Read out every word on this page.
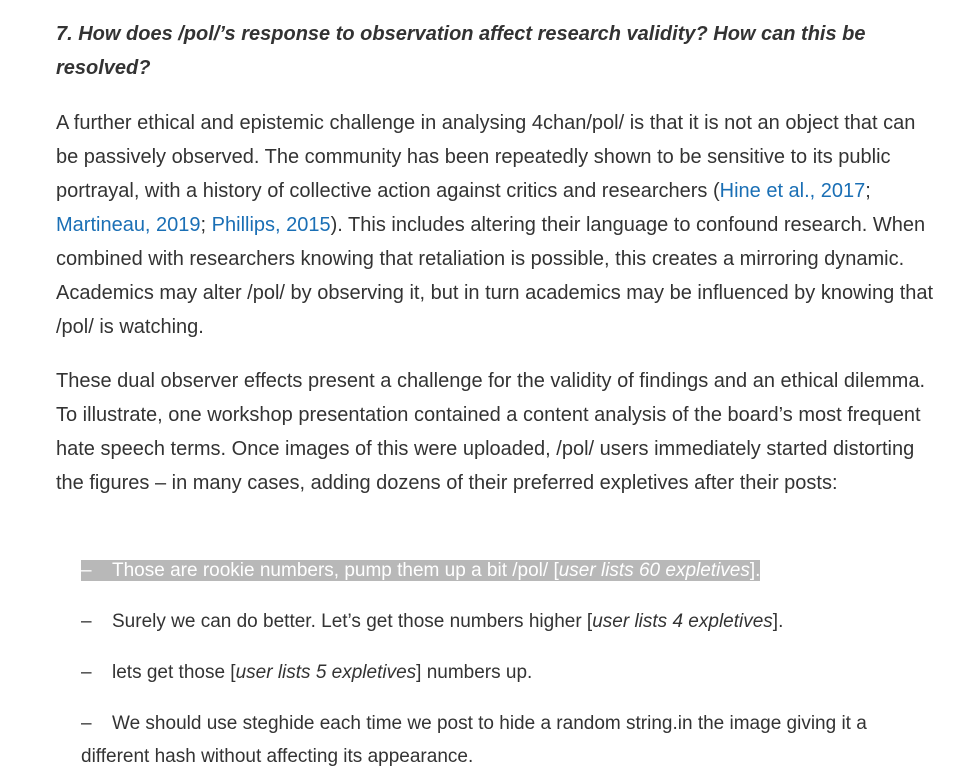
7. How does /pol/’s response to observation affect research validity? How can this be resolved?

A further ethical and epistemic challenge in analysing 4chan/pol/ is that it is not an object that can be passively observed. The community has been repeatedly shown to be sensitive to its public portrayal, with a history of collective action against critics and researchers (Hine et al., 2017; Martineau, 2019; Phillips, 2015). This includes altering their language to confound research. When combined with researchers knowing that retaliation is possible, this creates a mirroring dynamic. Academics may alter /pol/ by observing it, but in turn academics may be influenced by knowing that /pol/ is watching.

These dual observer effects present a challenge for the validity of findings and an ethical dilemma. To illustrate, one workshop presentation contained a content analysis of the board’s most frequent hate speech terms. Once images of this were uploaded, /pol/ users immediately started distorting the figures – in many cases, adding dozens of their preferred expletives after their posts:

– Those are rookie numbers, pump them up a bit /pol/ [user lists 60 expletives].

– Surely we can do better. Let’s get those numbers higher [user lists 4 expletives].

– lets get those [user lists 5 expletives] numbers up.

– We should use steghide each time we post to hide a random string.in the image giving it a different hash without affecting its appearance.
